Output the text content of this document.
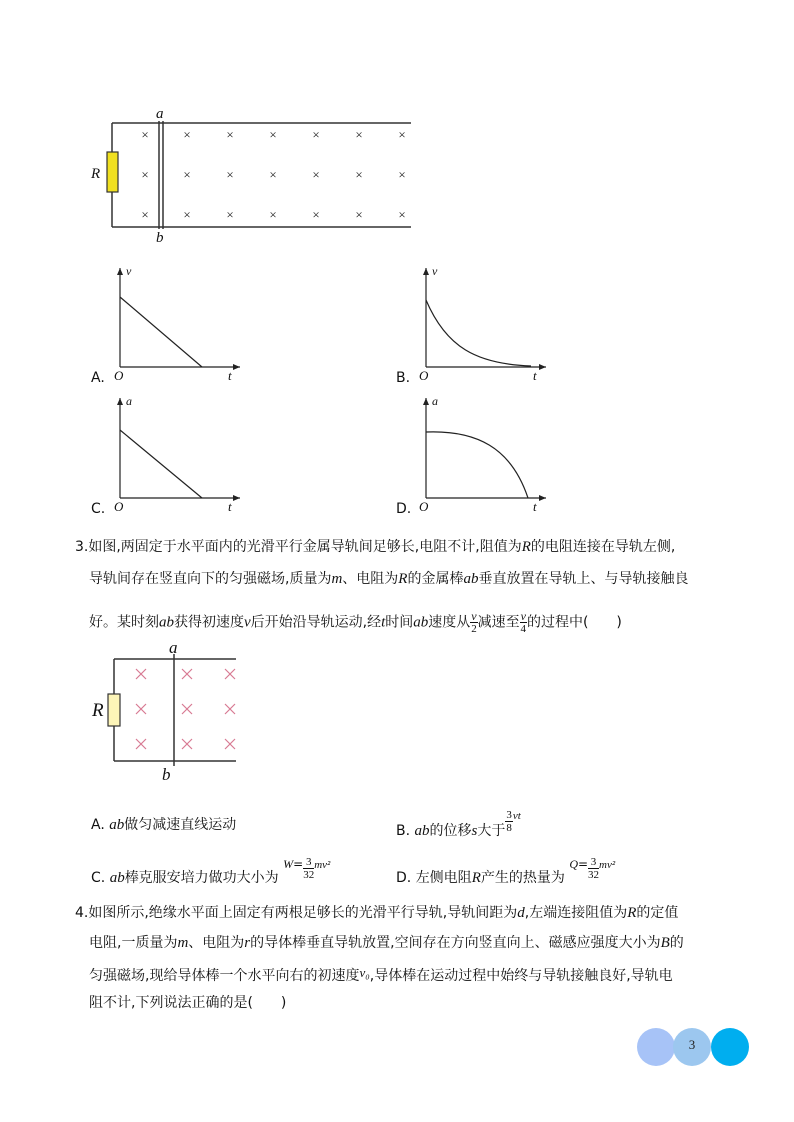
×	×	×	×	×	×	×
×	×	×	×	×	×	×
×	×	×	×	×	×	×
a
b
R
v
t
O
A.
v
t
O
B.
a
t
O
C.
a
t
O
D.
3.如图,两固定于水平面内的光滑平行金属导轨间足够长,电阻不计,阻值为R的电阻连接在导轨左侧,
导轨间存在竖直向下的匀强磁场,质量为m、电阻为R的金属棒ab垂直放置在导轨上、与导轨接触良
好。某时刻ab获得初速度v后开始沿导轨运动,经t时间ab速度从 $\frac{v}{2}$ 减速至 $\frac{v}{4}$ 的过程中(　　)
a
b
R
A. ab做匀减速直线运动	B. ab的位移s大于 $\frac{3}{8} ^{vt}$
C. ab棒克服安培力做功大小为 $W= \frac{3}{32} ^{mv^2}$
D. 左侧电阻R产生的热量为 $Q= \frac{3}{32} ^{mv^2}$
4.如图所示,绝缘水平面上固定有两根足够长的光滑平行导轨,导轨间距为d,左端连接阻值为R的定值
电阻,一质量为m、电阻为r的导体棒垂直导轨放置,空间存在方向竖直向上、磁感应强度大小为B的
匀强磁场,现给导体棒一个水平向右的初速度v₀,导体棒在运动过程中始终与导轨接触良好,导轨电
阻不计,下列说法正确的是(　　)
3
